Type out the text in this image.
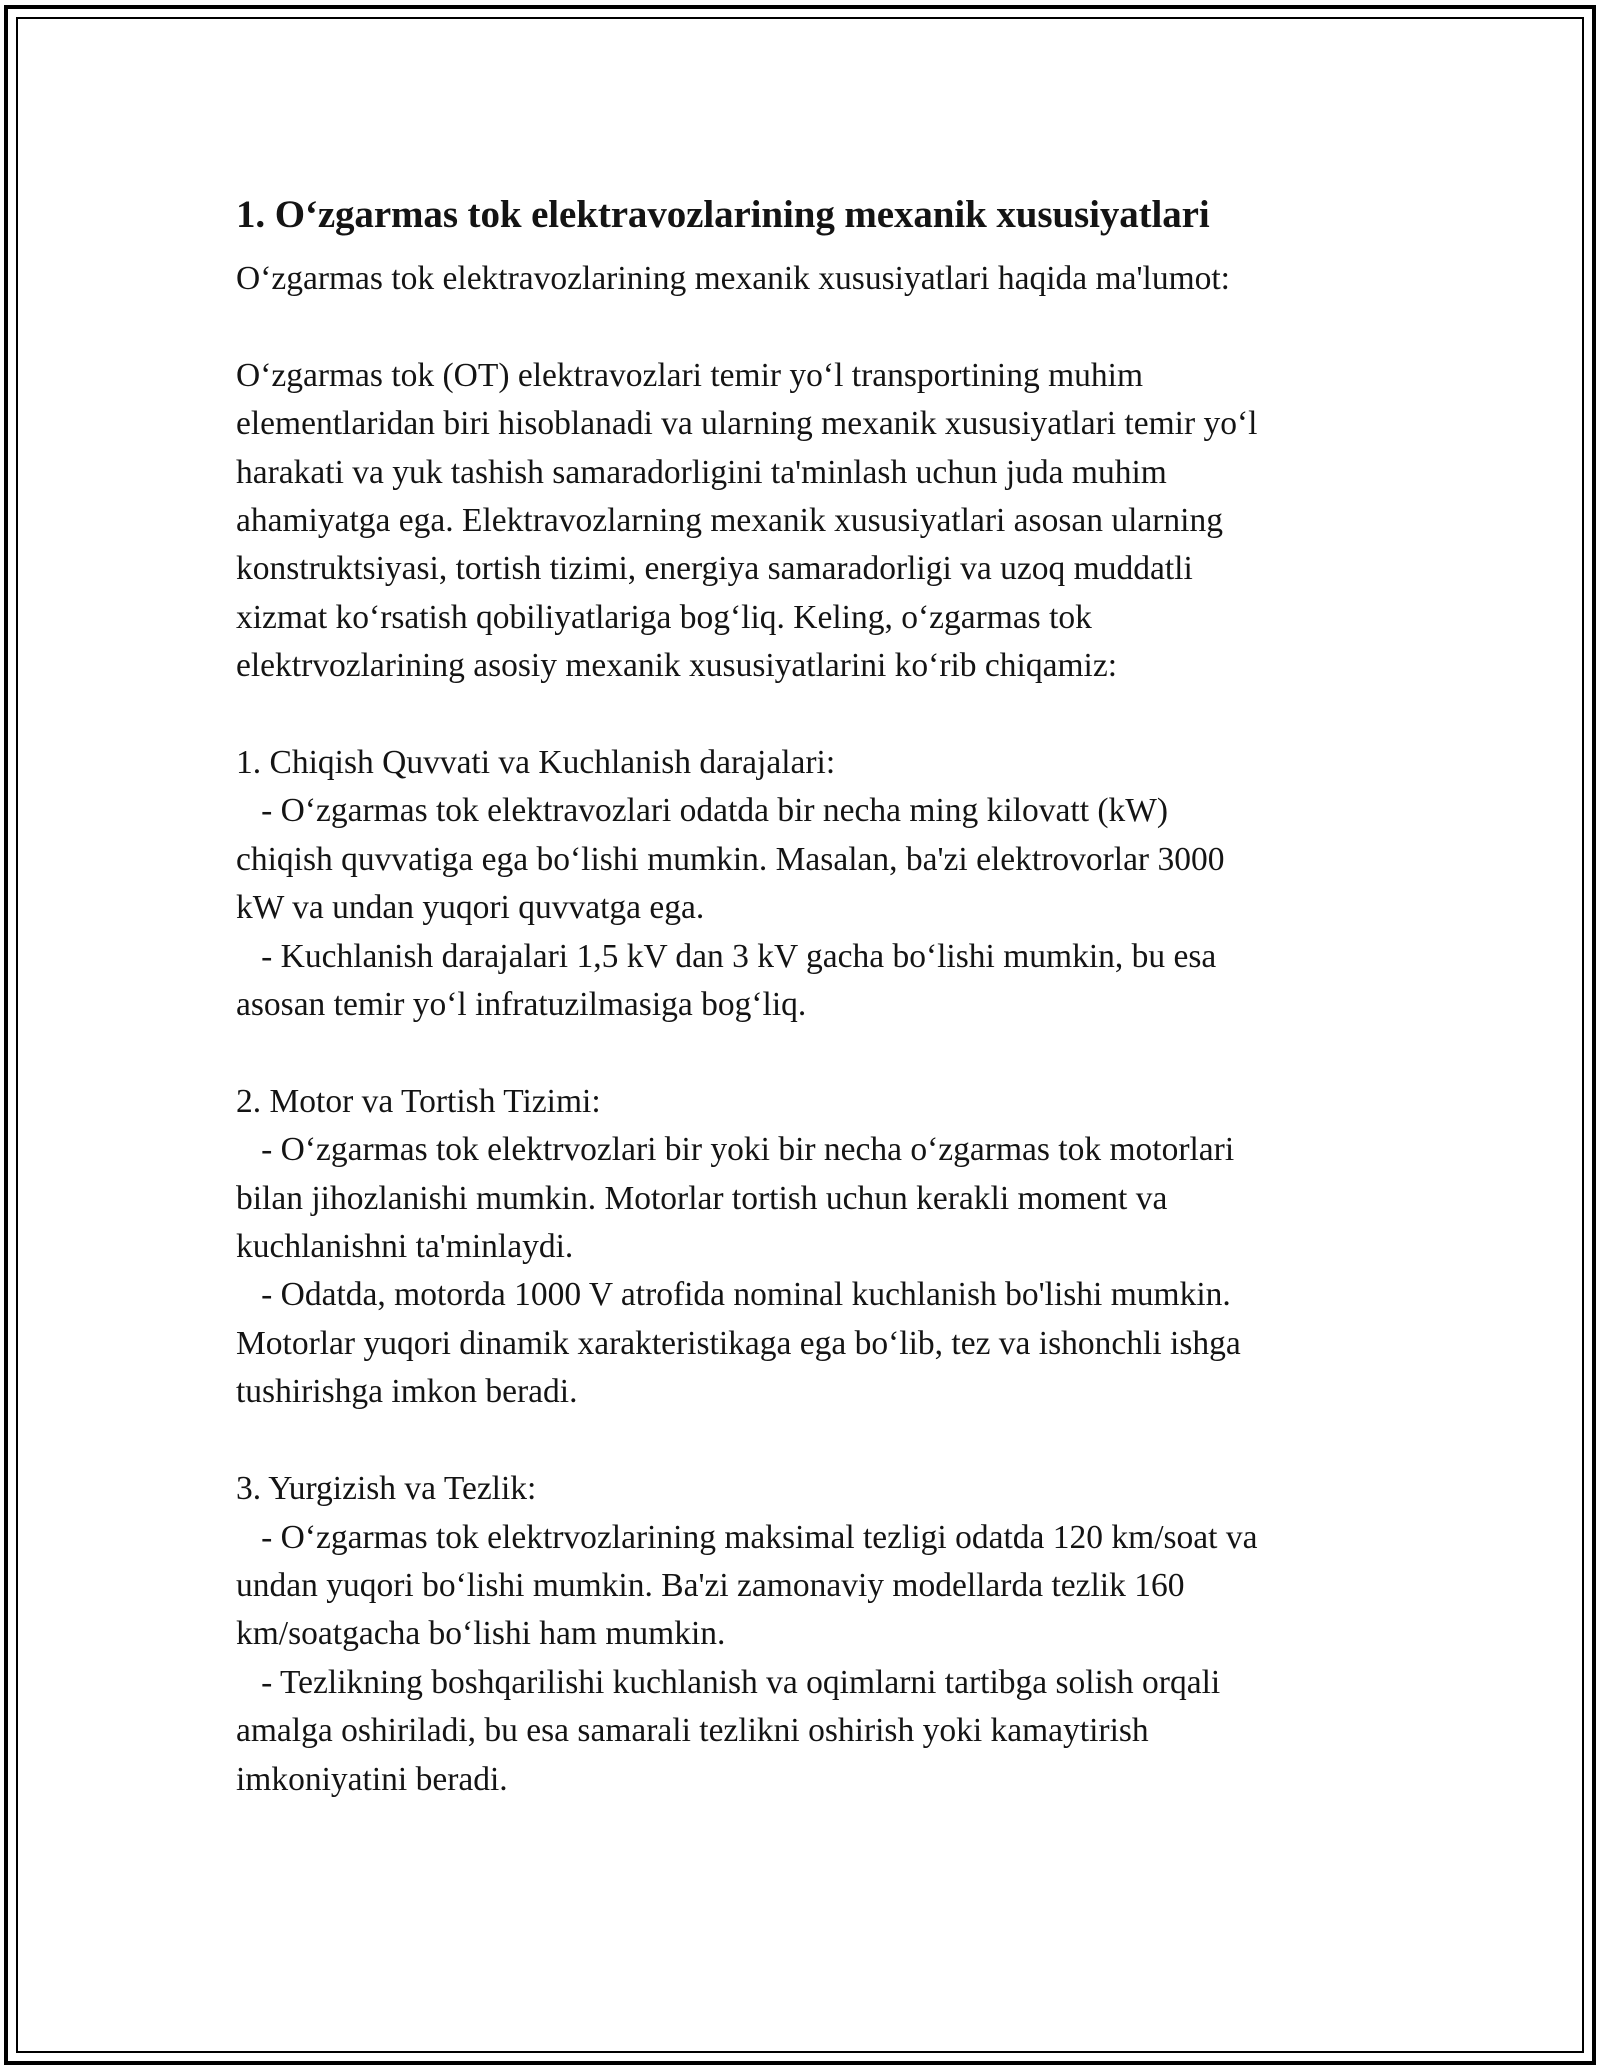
1. O‘zgarmas tok elektravozlarining mexanik xususiyatlari

O‘zgarmas tok elektravozlarining mexanik xususiyatlari haqida ma'lumot:

O‘zgarmas tok (OT) elektravozlari temir yo‘l transportining muhim
elementlaridan biri hisoblanadi va ularning mexanik xususiyatlari temir yo‘l
harakati va yuk tashish samaradorligini ta'minlash uchun juda muhim
ahamiyatga ega. Elektravozlarning mexanik xususiyatlari asosan ularning
konstruktsiyasi, tortish tizimi, energiya samaradorligi va uzoq muddatli
xizmat ko‘rsatish qobiliyatlariga bog‘liq. Keling, o‘zgarmas tok
elektrvozlarining asosiy mexanik xususiyatlarini ko‘rib chiqamiz:

1. Chiqish Quvvati va Kuchlanish darajalari:

- O‘zgarmas tok elektravozlari odatda bir necha ming kilovatt (kW)
chiqish quvvatiga ega bo‘lishi mumkin. Masalan, ba'zi elektrovorlar 3000
kW va undan yuqori quvvatga ega.

- Kuchlanish darajalari 1,5 kV dan 3 kV gacha bo‘lishi mumkin, bu esa
asosan temir yo‘l infratuzilmasiga bog‘liq.

2. Motor va Tortish Tizimi:

- O‘zgarmas tok elektrvozlari bir yoki bir necha o‘zgarmas tok motorlari
bilan jihozlanishi mumkin. Motorlar tortish uchun kerakli moment va
kuchlanishni ta'minlaydi.

- Odatda, motorda 1000 V atrofida nominal kuchlanish bo'lishi mumkin.
Motorlar yuqori dinamik xarakteristikaga ega bo‘lib, tez va ishonchli ishga
tushirishga imkon beradi.

3. Yurgizish va Tezlik:

- O‘zgarmas tok elektrvozlarining maksimal tezligi odatda 120 km/soat va
undan yuqori bo‘lishi mumkin. Ba'zi zamonaviy modellarda tezlik 160
km/soatgacha bo‘lishi ham mumkin.

- Tezlikning boshqarilishi kuchlanish va oqimlarni tartibga solish orqali
amalga oshiriladi, bu esa samarali tezlikni oshirish yoki kamaytirish
imkoniyatini beradi.
